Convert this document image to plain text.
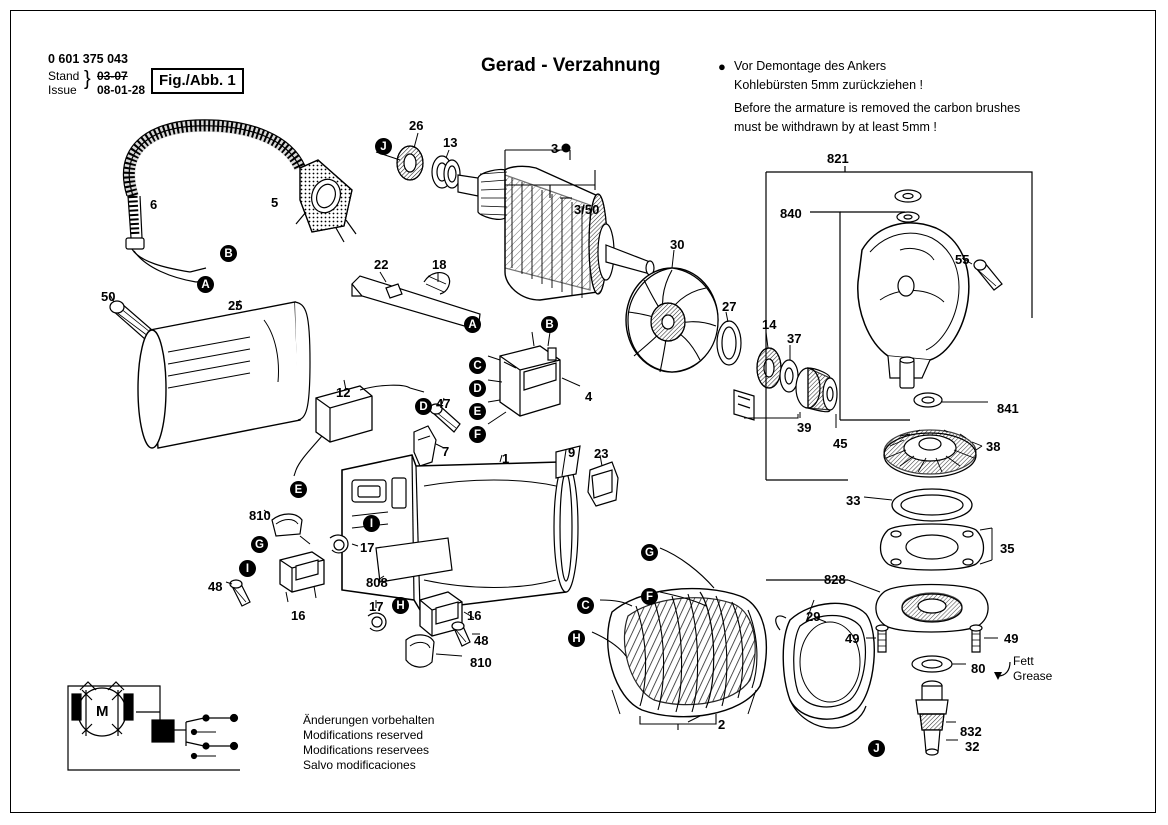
0 601 375 043
Stand
Issue } 03-07
08-01-28
Fig./Abb. 1
Gerad - Verzahnung	● Vor Demontage des Ankers
Kohlebürsten 5mm zurückziehen !
Before the armature is removed the carbon brushes
must be withdrawn by at least 5mm !
Änderungen vorbehalten
Modifications reserved
Modifications reservees
Salvo modificaciones
Fett
Grease
6	5
26
13	3
3/50
30
27
14
37
39
45
50
25
22	18
4
12
47
7	1	9 23
810
17
48
16
808
17
16
48
810
2
29
821
840
55
841
38
33
35
828
49	49
80
832
32
J
B
A
A	B
C
D
E
F
D
E
I
G
I
H
G
F
C
H
J
M
